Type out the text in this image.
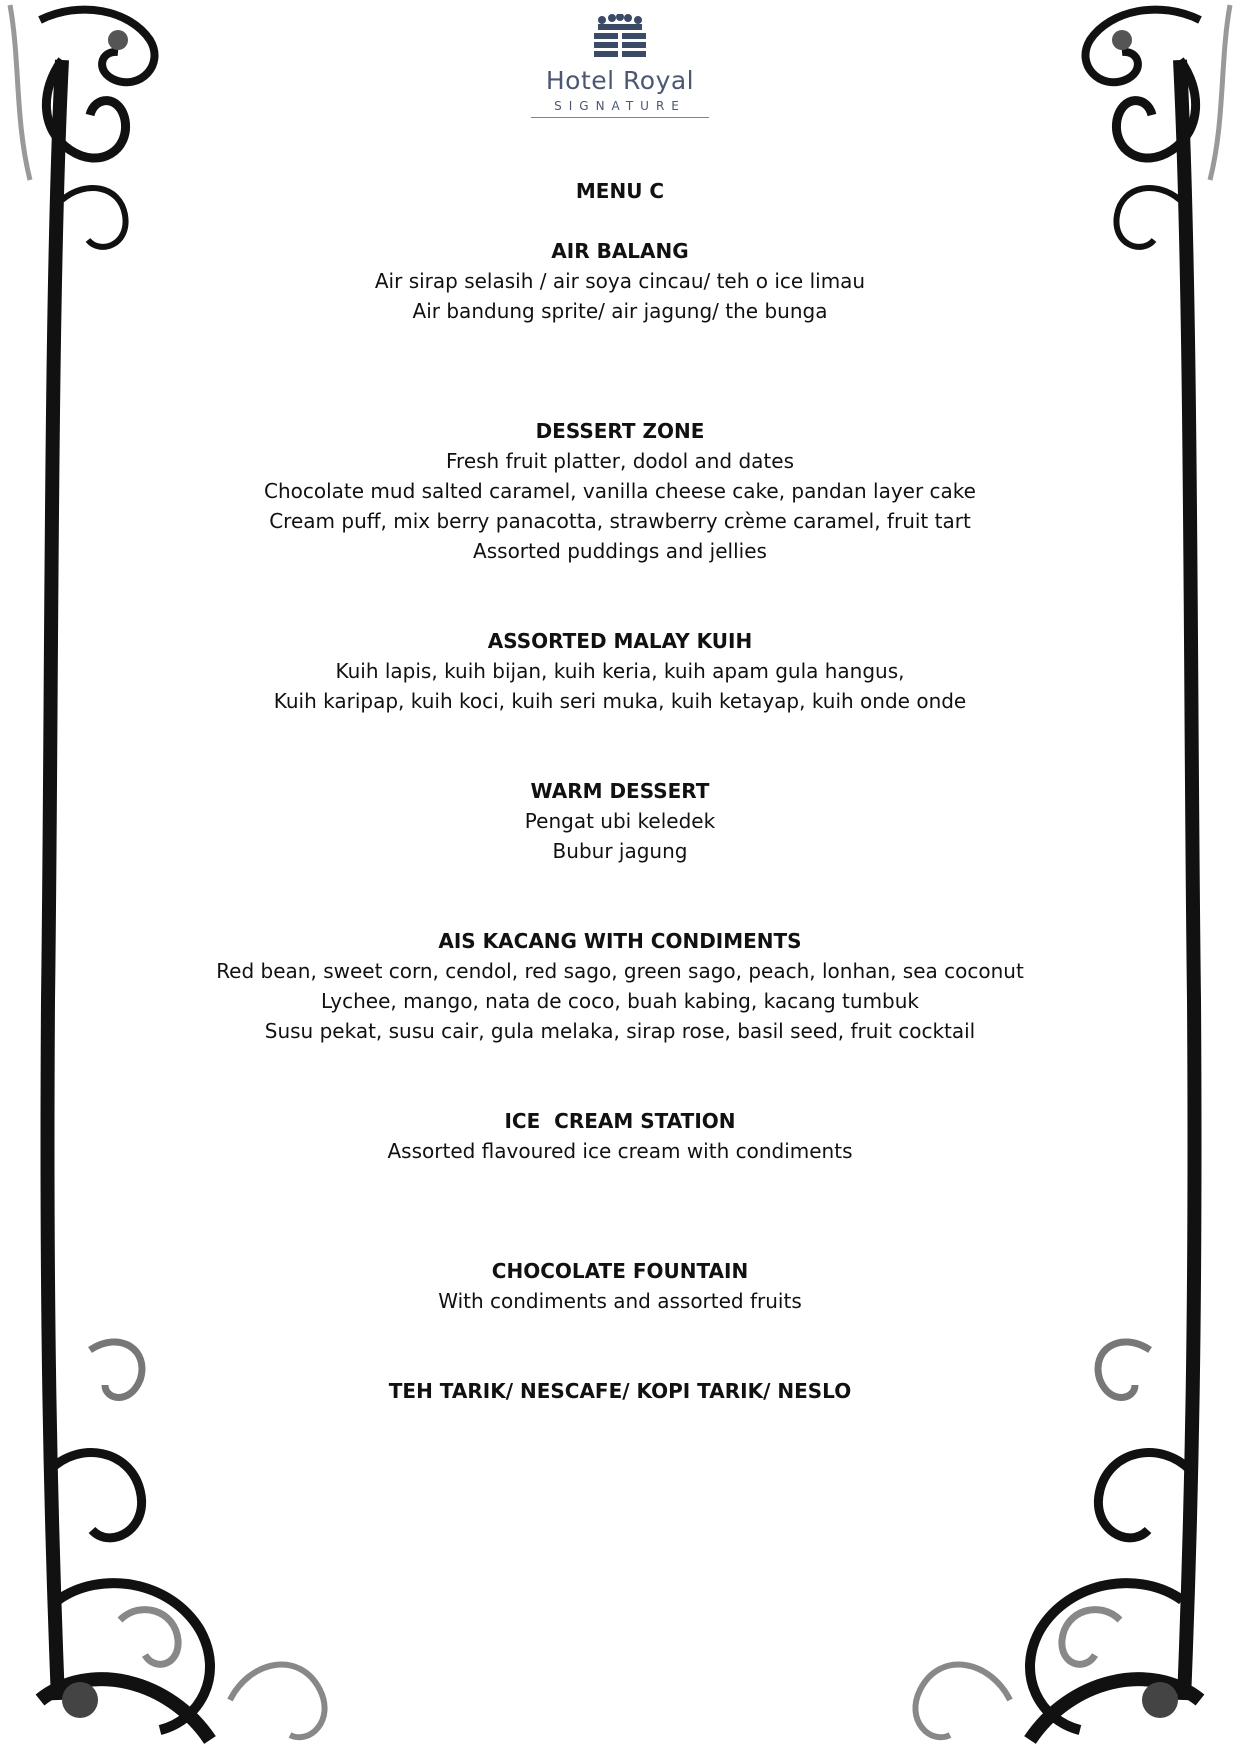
Hotel Royal
SIGNATURE
MENU C
AIR BALANG
Air sirap selasih / air soya cincau/ teh o ice limau
Air bandung sprite/ air jagung/ the bunga
DESSERT ZONE
Fresh fruit platter, dodol and dates
Chocolate mud salted caramel, vanilla cheese cake, pandan layer cake
Cream puff, mix berry panacotta, strawberry crème caramel, fruit tart
Assorted puddings and jellies
ASSORTED MALAY KUIH
Kuih lapis, kuih bijan, kuih keria, kuih apam gula hangus,
Kuih karipap, kuih koci, kuih seri muka, kuih ketayap, kuih onde onde
WARM DESSERT
Pengat ubi keledek
Bubur jagung
AIS KACANG WITH CONDIMENTS
Red bean, sweet corn, cendol, red sago, green sago, peach, lonhan, sea coconut
Lychee, mango, nata de coco, buah kabing, kacang tumbuk
Susu pekat, susu cair, gula melaka, sirap rose, basil seed, fruit cocktail
ICE  CREAM STATION
Assorted flavoured ice cream with condiments
CHOCOLATE FOUNTAIN
With condiments and assorted fruits
TEH TARIK/ NESCAFE/ KOPI TARIK/ NESLO
